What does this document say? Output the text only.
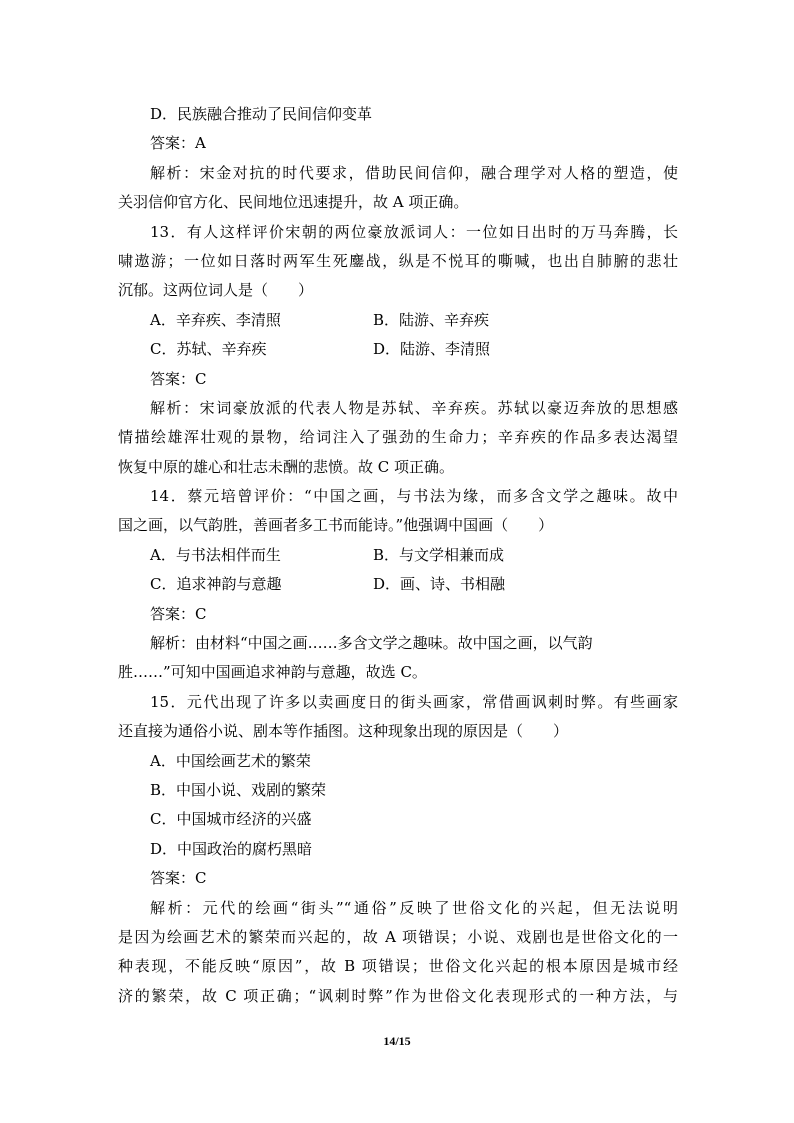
D．民族融合推动了民间信仰变革
答案：A
解析：宋金对抗的时代要求，借助民间信仰，融合理学对人格的塑造，使
关羽信仰官方化、民间地位迅速提升，故 A 项正确。
13．有人这样评价宋朝的两位豪放派词人：一位如日出时的万马奔腾，长
啸遨游；一位如日落时两军生死鏖战，纵是不悦耳的嘶喊，也出自肺腑的悲壮
沉郁。这两位词人是（　　）
A．辛弃疾、李清照	B．陆游、辛弃疾
C．苏轼、辛弃疾	D．陆游、李清照
答案：C
解析：宋词豪放派的代表人物是苏轼、辛弃疾。苏轼以豪迈奔放的思想感
情描绘雄浑壮观的景物，给词注入了强劲的生命力；辛弃疾的作品多表达渴望
恢复中原的雄心和壮志未酬的悲愤。故 C 项正确。
14．蔡元培曾评价：“中国之画，与书法为缘，而多含文学之趣味。故中
国之画，以气韵胜，善画者多工书而能诗。”他强调中国画（　　）
A．与书法相伴而生	B．与文学相兼而成
C．追求神韵与意趣	D．画、诗、书相融
答案：C
解析：由材料“中国之画……多含文学之趣味。故中国之画，以气韵
胜……”可知中国画追求神韵与意趣，故选 C。
15．元代出现了许多以卖画度日的街头画家，常借画讽刺时弊。有些画家
还直接为通俗小说、剧本等作插图。这种现象出现的原因是（　　）
A．中国绘画艺术的繁荣
B．中国小说、戏剧的繁荣
C．中国城市经济的兴盛
D．中国政治的腐朽黑暗
答案：C
解析：元代的绘画“街头”“通俗”反映了世俗文化的兴起，但无法说明
是因为绘画艺术的繁荣而兴起的，故 A 项错误；小说、戏剧也是世俗文化的一
种表现，不能反映“原因”，故 B 项错误；世俗文化兴起的根本原因是城市经
济的繁荣，故 C 项正确；“讽刺时弊”作为世俗文化表现形式的一种方法，与
14/15
